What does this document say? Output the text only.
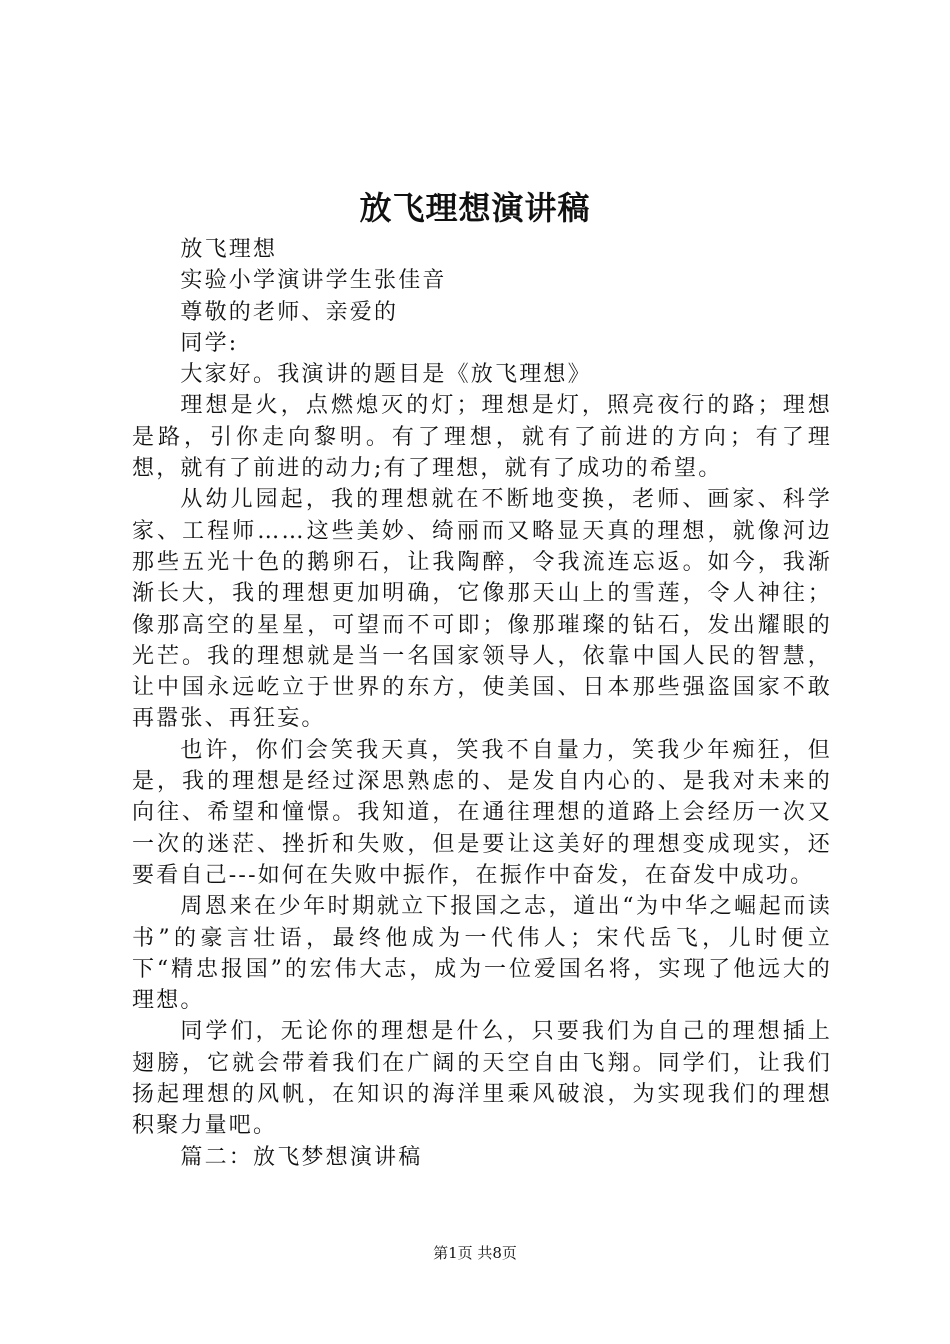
放飞理想演讲稿

放飞理想

实验小学演讲学生张佳音

尊敬的老师、亲爱的

同学:

大家好。我演讲的题目是《放飞理想》

理想是火，点燃熄灭的灯；理想是灯，照亮夜行的路；理想是路，引你走向黎明。有了理想，就有了前进的方向；有了理想，就有了前进的动力;有了理想，就有了成功的希望。

从幼儿园起，我的理想就在不断地变换，老师、画家、科学家、工程师……这些美妙、绮丽而又略显天真的理想，就像河边那些五光十色的鹅卵石，让我陶醉，令我流连忘返。如今，我渐渐长大，我的理想更加明确，它像那天山上的雪莲，令人神往；像那高空的星星，可望而不可即；像那璀璨的钻石，发出耀眼的光芒。我的理想就是当一名国家领导人，依靠中国人民的智慧，让中国永远屹立于世界的东方，使美国、日本那些强盗国家不敢再嚣张、再狂妄。

也许，你们会笑我天真，笑我不自量力，笑我少年痴狂，但是，我的理想是经过深思熟虑的、是发自内心的、是我对未来的向往、希望和憧憬。我知道，在通往理想的道路上会经历一次又一次的迷茫、挫折和失败，但是要让这美好的理想变成现实，还要看自己---如何在失败中振作，在振作中奋发，在奋发中成功。

周恩来在少年时期就立下报国之志，道出“为中华之崛起而读书”的豪言壮语，最终他成为一代伟人；宋代岳飞，儿时便立下“精忠报国”的宏伟大志，成为一位爱国名将，实现了他远大的理想。

同学们，无论你的理想是什么，只要我们为自己的理想插上翅膀，它就会带着我们在广阔的天空自由飞翔。同学们，让我们扬起理想的风帆，在知识的海洋里乘风破浪，为实现我们的理想积聚力量吧。

篇二：放飞梦想演讲稿

第1页 共8页
